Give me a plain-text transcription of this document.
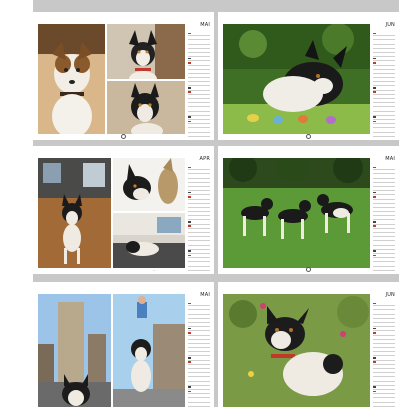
MAI	JUN
—
APR	MAI
MAI	JUN
